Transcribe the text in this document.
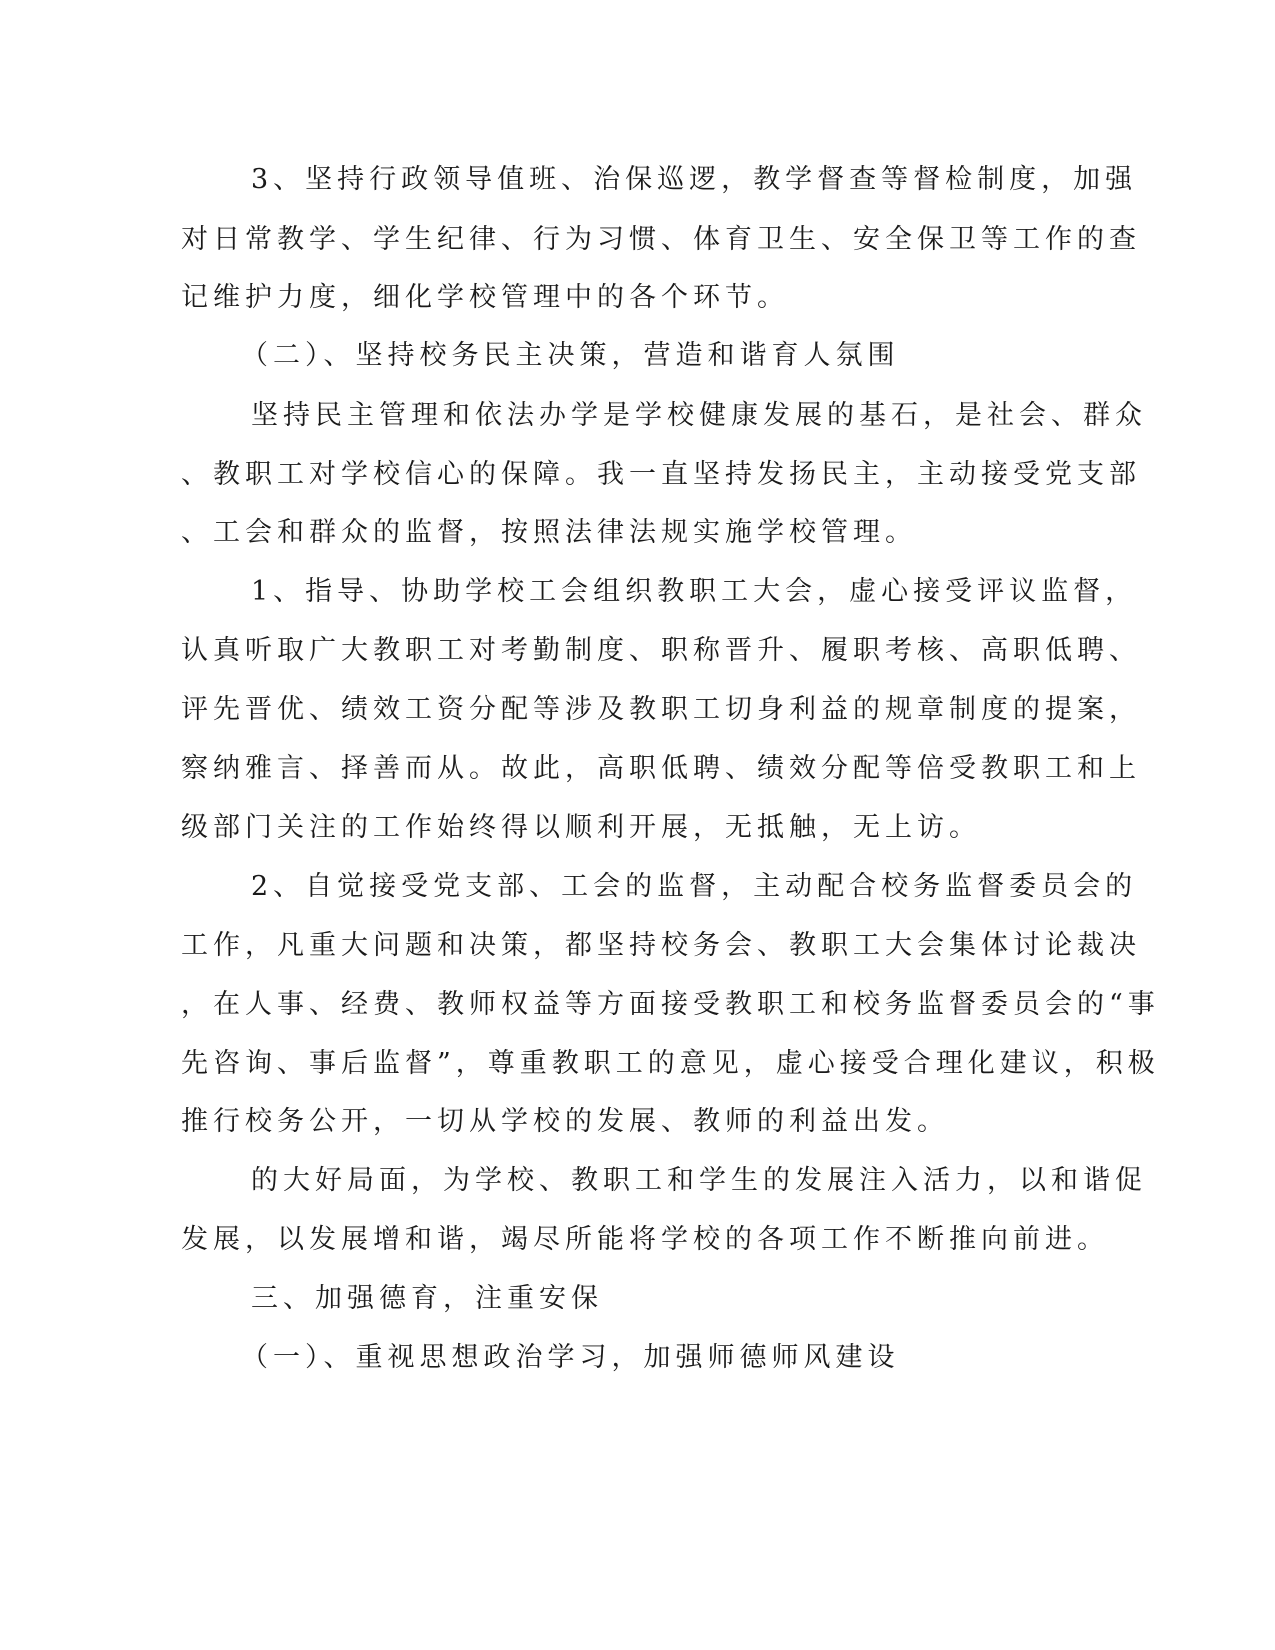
3、坚持行政领导值班、治保巡逻，教学督查等督检制度，加强

对日常教学、学生纪律、行为习惯、体育卫生、安全保卫等工作的查

记维护力度，细化学校管理中的各个环节。

（二）、坚持校务民主决策，营造和谐育人氛围

坚持民主管理和依法办学是学校健康发展的基石，是社会、群众

、教职工对学校信心的保障。我一直坚持发扬民主，主动接受党支部

、工会和群众的监督，按照法律法规实施学校管理。

1、指导、协助学校工会组织教职工大会，虚心接受评议监督，

认真听取广大教职工对考勤制度、职称晋升、履职考核、高职低聘、

评先晋优、绩效工资分配等涉及教职工切身利益的规章制度的提案，

察纳雅言、择善而从。故此，高职低聘、绩效分配等倍受教职工和上

级部门关注的工作始终得以顺利开展，无抵触，无上访。

2、自觉接受党支部、工会的监督，主动配合校务监督委员会的

工作，凡重大问题和决策，都坚持校务会、教职工大会集体讨论裁决

，在人事、经费、教师权益等方面接受教职工和校务监督委员会的“事

先咨询、事后监督”，尊重教职工的意见，虚心接受合理化建议，积极

推行校务公开，一切从学校的发展、教师的利益出发。

的大好局面，为学校、教职工和学生的发展注入活力，以和谐促

发展，以发展增和谐，竭尽所能将学校的各项工作不断推向前进。

三、加强德育，注重安保

（一）、重视思想政治学习，加强师德师风建设
